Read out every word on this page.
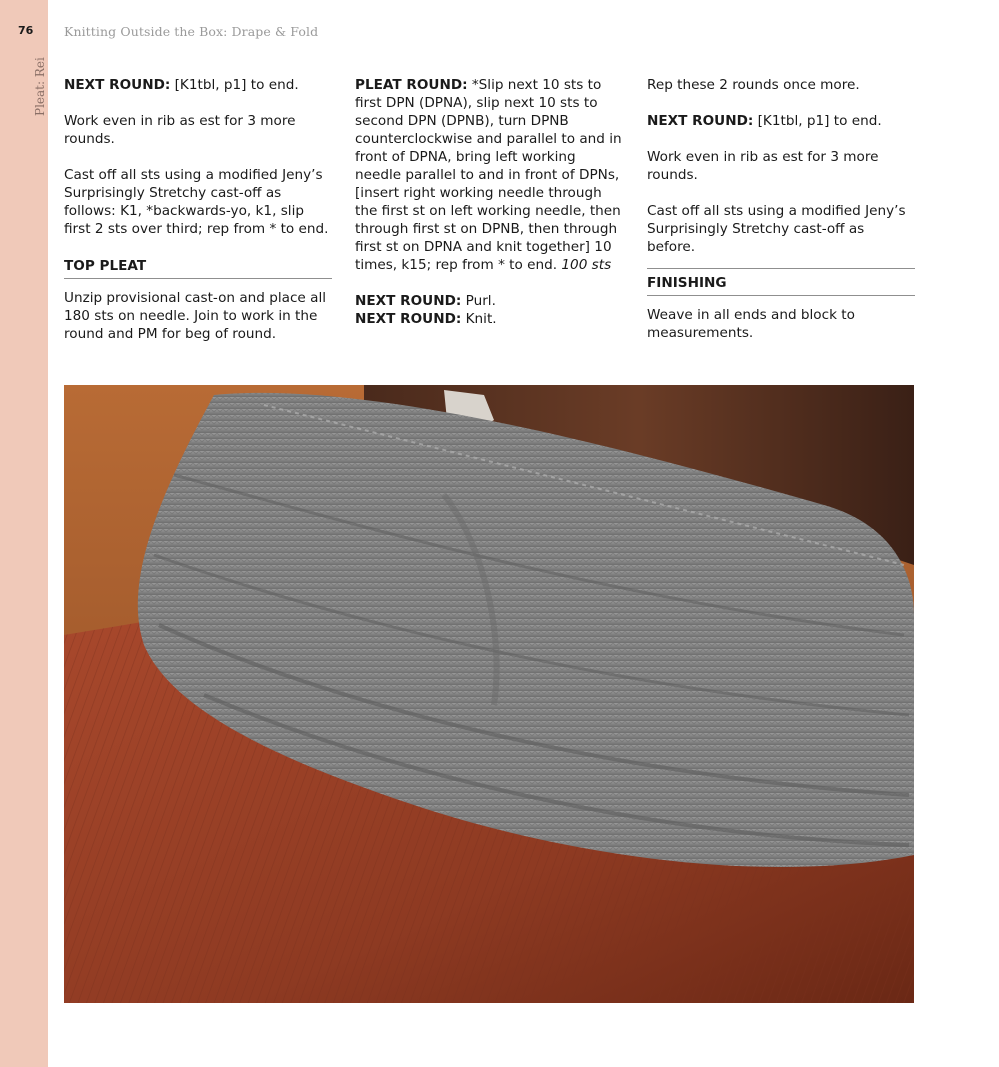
76	Knitting Outside the Box: Drape & Fold
Pleat: Rei NEXT ROUND: [K1tbl, p1] to end.

Work even in rib as est for 3 more rounds.

Cast off all sts using a modified Jeny’s Surprisingly Stretchy cast-off as follows: K1, *backwards-yo, k1, slip first 2 sts over third; rep from * to end.

TOP PLEAT

Unzip provisional cast-on and place all 180 sts on needle. Join to work in the round and PM for beg of round.

PLEAT ROUND: *Slip next 10 sts to first DPN (DPNA), slip next 10 sts to second DPN (DPNB), turn DPNB counterclockwise and parallel to and in front of DPNA, bring left working needle parallel to and in front of DPNs, [insert right working needle through the first st on left working needle, then through first st on DPNB, then through first st on DPNA and knit together] 10 times, k15; rep from * to end. 100 sts

NEXT ROUND: Purl.

NEXT ROUND: Knit.

Rep these 2 rounds once more.

NEXT ROUND: [K1tbl, p1] to end.

Work even in rib as est for 3 more rounds.

Cast off all sts using a modified Jeny’s Surprisingly Stretchy cast-off as before.

FINISHING

Weave in all ends and block to measurements.
